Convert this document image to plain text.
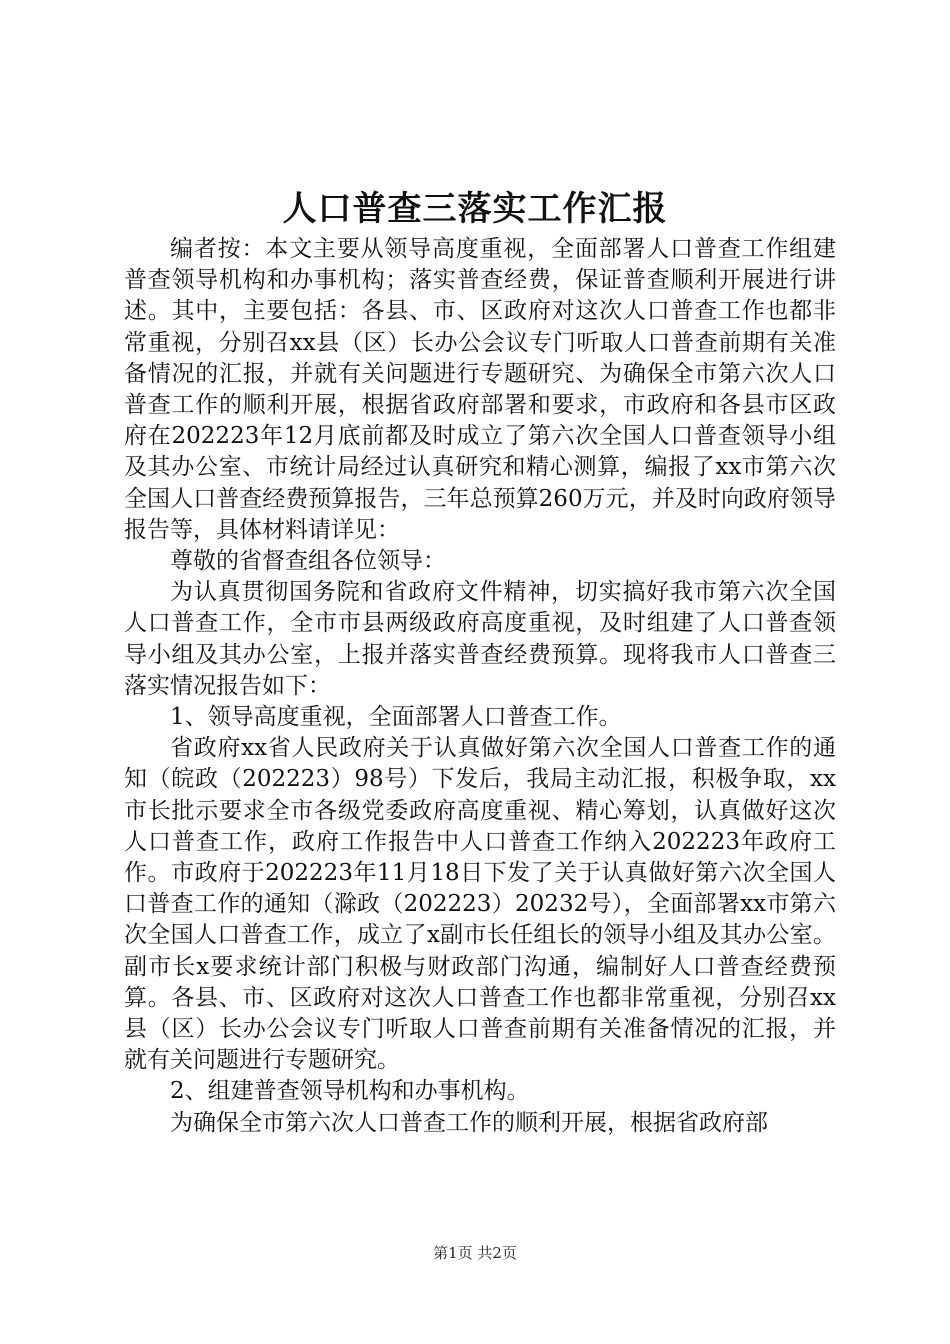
人口普查三落实工作汇报

编者按：本文主要从领导高度重视，全面部署人口普查工作组建普查领导机构和办事机构；落实普查经费，保证普查顺利开展进行讲述。其中，主要包括：各县、市、区政府对这次人口普查工作也都非常重视，分别召xx县（区）长办公会议专门听取人口普查前期有关准备情况的汇报，并就有关问题进行专题研究、为确保全市第六次人口普查工作的顺利开展，根据省政府部署和要求，市政府和各县市区政府在202223年12月底前都及时成立了第六次全国人口普查领导小组及其办公室、市统计局经过认真研究和精心测算，编报了xx市第六次全国人口普查经费预算报告，三年总预算260万元，并及时向政府领导报告等，具体材料请详见：

尊敬的省督查组各位领导：

为认真贯彻国务院和省政府文件精神，切实搞好我市第六次全国人口普查工作，全市市县两级政府高度重视，及时组建了人口普查领导小组及其办公室，上报并落实普查经费预算。现将我市人口普查三落实情况报告如下：

1、领导高度重视，全面部署人口普查工作。

省政府xx省人民政府关于认真做好第六次全国人口普查工作的通知（皖政（202223）98号）下发后，我局主动汇报，积极争取，xx市长批示要求全市各级党委政府高度重视、精心筹划，认真做好这次人口普查工作，政府工作报告中人口普查工作纳入202223年政府工作。市政府于202223年11月18日下发了关于认真做好第六次全国人口普查工作的通知（滁政（202223）20232号），全面部署xx市第六次全国人口普查工作，成立了x副市长任组长的领导小组及其办公室。副市长x要求统计部门积极与财政部门沟通，编制好人口普查经费预算。各县、市、区政府对这次人口普查工作也都非常重视，分别召xx县（区）长办公会议专门听取人口普查前期有关准备情况的汇报，并就有关问题进行专题研究。

2、组建普查领导机构和办事机构。

为确保全市第六次人口普查工作的顺利开展，根据省政府部

第1页 共2页
